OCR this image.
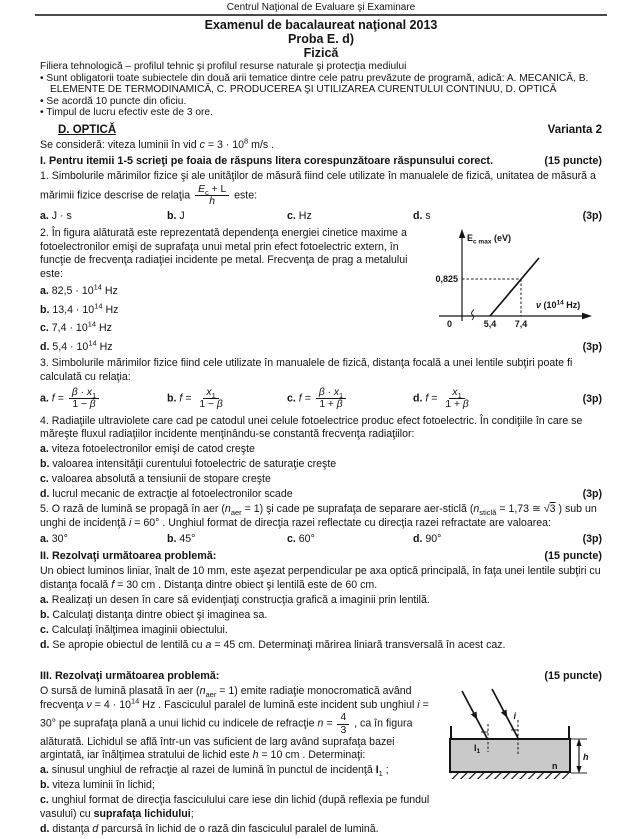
Centrul Naţional de Evaluare şi Examinare
Examenul de bacalaureat naţional 2013
Proba E. d)
Fizică
Filiera tehnologică – profilul tehnic şi profilul resurse naturale şi protecţia mediului
• Sunt obligatorii toate subiectele din două arii tematice dintre cele patru prevăzute de programă, adică: A. MECANICĂ, B. ELEMENTE DE TERMODINAMICĂ, C. PRODUCEREA ŞI UTILIZAREA CURENTULUI CONTINUU, D. OPTICĂ
• Se acordă 10 puncte din oficiu.
• Timpul de lucru efectiv este de 3 ore.
D. OPTICĂ	Varianta 2
Se consideră: viteza luminii în vid $c = 3 \cdot 10^8$ m/s .
I. Pentru itemii 1-5 scrieţi pe foaia de răspuns litera corespunzătoare răspunsului corect.	(15 puncte)
1. Simbolurile mărimilor fizice şi ale unităţilor de măsură fiind cele utilizate în manualele de fizică, unitatea de măsură a mărimii fizice descrise de relaţia $\frac{E_c + L}{h}$ este:
a. J · s	b. J	c. Hz	d. s	(3p)
$E_{c max}$ (eV)
0,825
0	5,4 7,4
ν ($10^{14}$ Hz)
2. În figura alăturată este reprezentată dependenţa energiei cinetice maxime a fotoelectronilor emişi de suprafaţa unui metal prin efect fotoelectric extern, în funcţie de frecvenţa radiaţiei incidente pe metal. Frecvenţa de prag a metalului este:
a. $82,5 \cdot 10^{14}$ Hz
b. $13,4 \cdot 10^{14}$ Hz
c. $7,4 \cdot 10^{14}$ Hz
d. $5,4 \cdot 10^{14}$ Hz	(3p)
3. Simbolurile mărimilor fizice fiind cele utilizate în manualele de fizică, distanţa focală a unei lentile subţiri poate fi calculată cu relaţia:
a. $f = \frac{\beta \cdot x_1}{1 - \beta}$	b. $f = \frac{x_1}{1 - \beta}$	c. $f = \frac{\beta \cdot x_1}{1 + \beta}$	d. $f = \frac{x_1}{1 + \beta}$	(3p)
4. Radiaţiile ultraviolete care cad pe catodul unei celule fotoelectrice produc efect fotoelectric. În condiţiile în care se măreşte fluxul radiaţiilor incidente menţinându-se constantă frecvenţa radiaţiilor:
a. viteza fotoelectronilor emişi de catod creşte
b. valoarea intensităţii curentului fotoelectric de saturaţie creşte
c. valoarea absolută a tensiunii de stopare creşte
d. lucrul mecanic de extracţie al fotoelectronilor scade	(3p)
5. O rază de lumină se propagă în aer $(n_{aer} = 1)$ şi cade pe suprafaţa de separare aer-sticlă ($n_{sticlă} = 1,73$ ≅ √3 ) sub un unghi de incidenţă i = 60° . Unghiul format de direcţia razei reflectate cu direcţia razei refractate are valoarea:
a. 30°	b. 45°	c. 60°	d. 90°	(3p)
II. Rezolvaţi următoarea problemă:	(15 puncte)
Un obiect luminos liniar, înalt de 10 mm, este aşezat perpendicular pe axa optică principală, în faţa unei lentile subţiri cu distanţa focală f = 30 cm . Distanţa dintre obiect şi lentilă este de 60 cm.
a. Realizaţi un desen în care să evidenţiaţi construcţia grafică a imaginii prin lentilă.
b. Calculaţi distanţa dintre obiect şi imaginea sa.
c. Calculaţi înălţimea imaginii obiectului.
d. Se apropie obiectul de lentilă cu a = 45 cm. Determinaţi mărirea liniară transversală în acest caz.
III. Rezolvaţi următoarea problemă:	(15 puncte)
i
$I_1$
n
h
O sursă de lumină plasată în aer $(n_{aer} = 1)$ emite radiaţie monocromatică având frecvenţa $\nu = 4 \cdot 10^{14}$ Hz . Fasciculul paralel de lumină este incident sub unghiul i = 30° pe suprafaţa plană a unui lichid cu indicele de refracţie $n = \frac{4}{3}$ , ca în figura alăturată. Lichidul se află într-un vas suficient de larg având suprafaţa bazei argintată, iar înălţimea stratului de lichid este h = 10 cm . Determinaţi:
a. sinusul unghiul de refracţie al razei de lumină în punctul de incidenţă $I_1$ ;
b. viteza luminii în lichid;
c. unghiul format de direcţia fasciculului care iese din lichid (după reflexia pe fundul vasului) cu suprafaţa lichidului;
d. distanţa d parcursă în lichid de o rază din fasciculul paralel de lumină.
